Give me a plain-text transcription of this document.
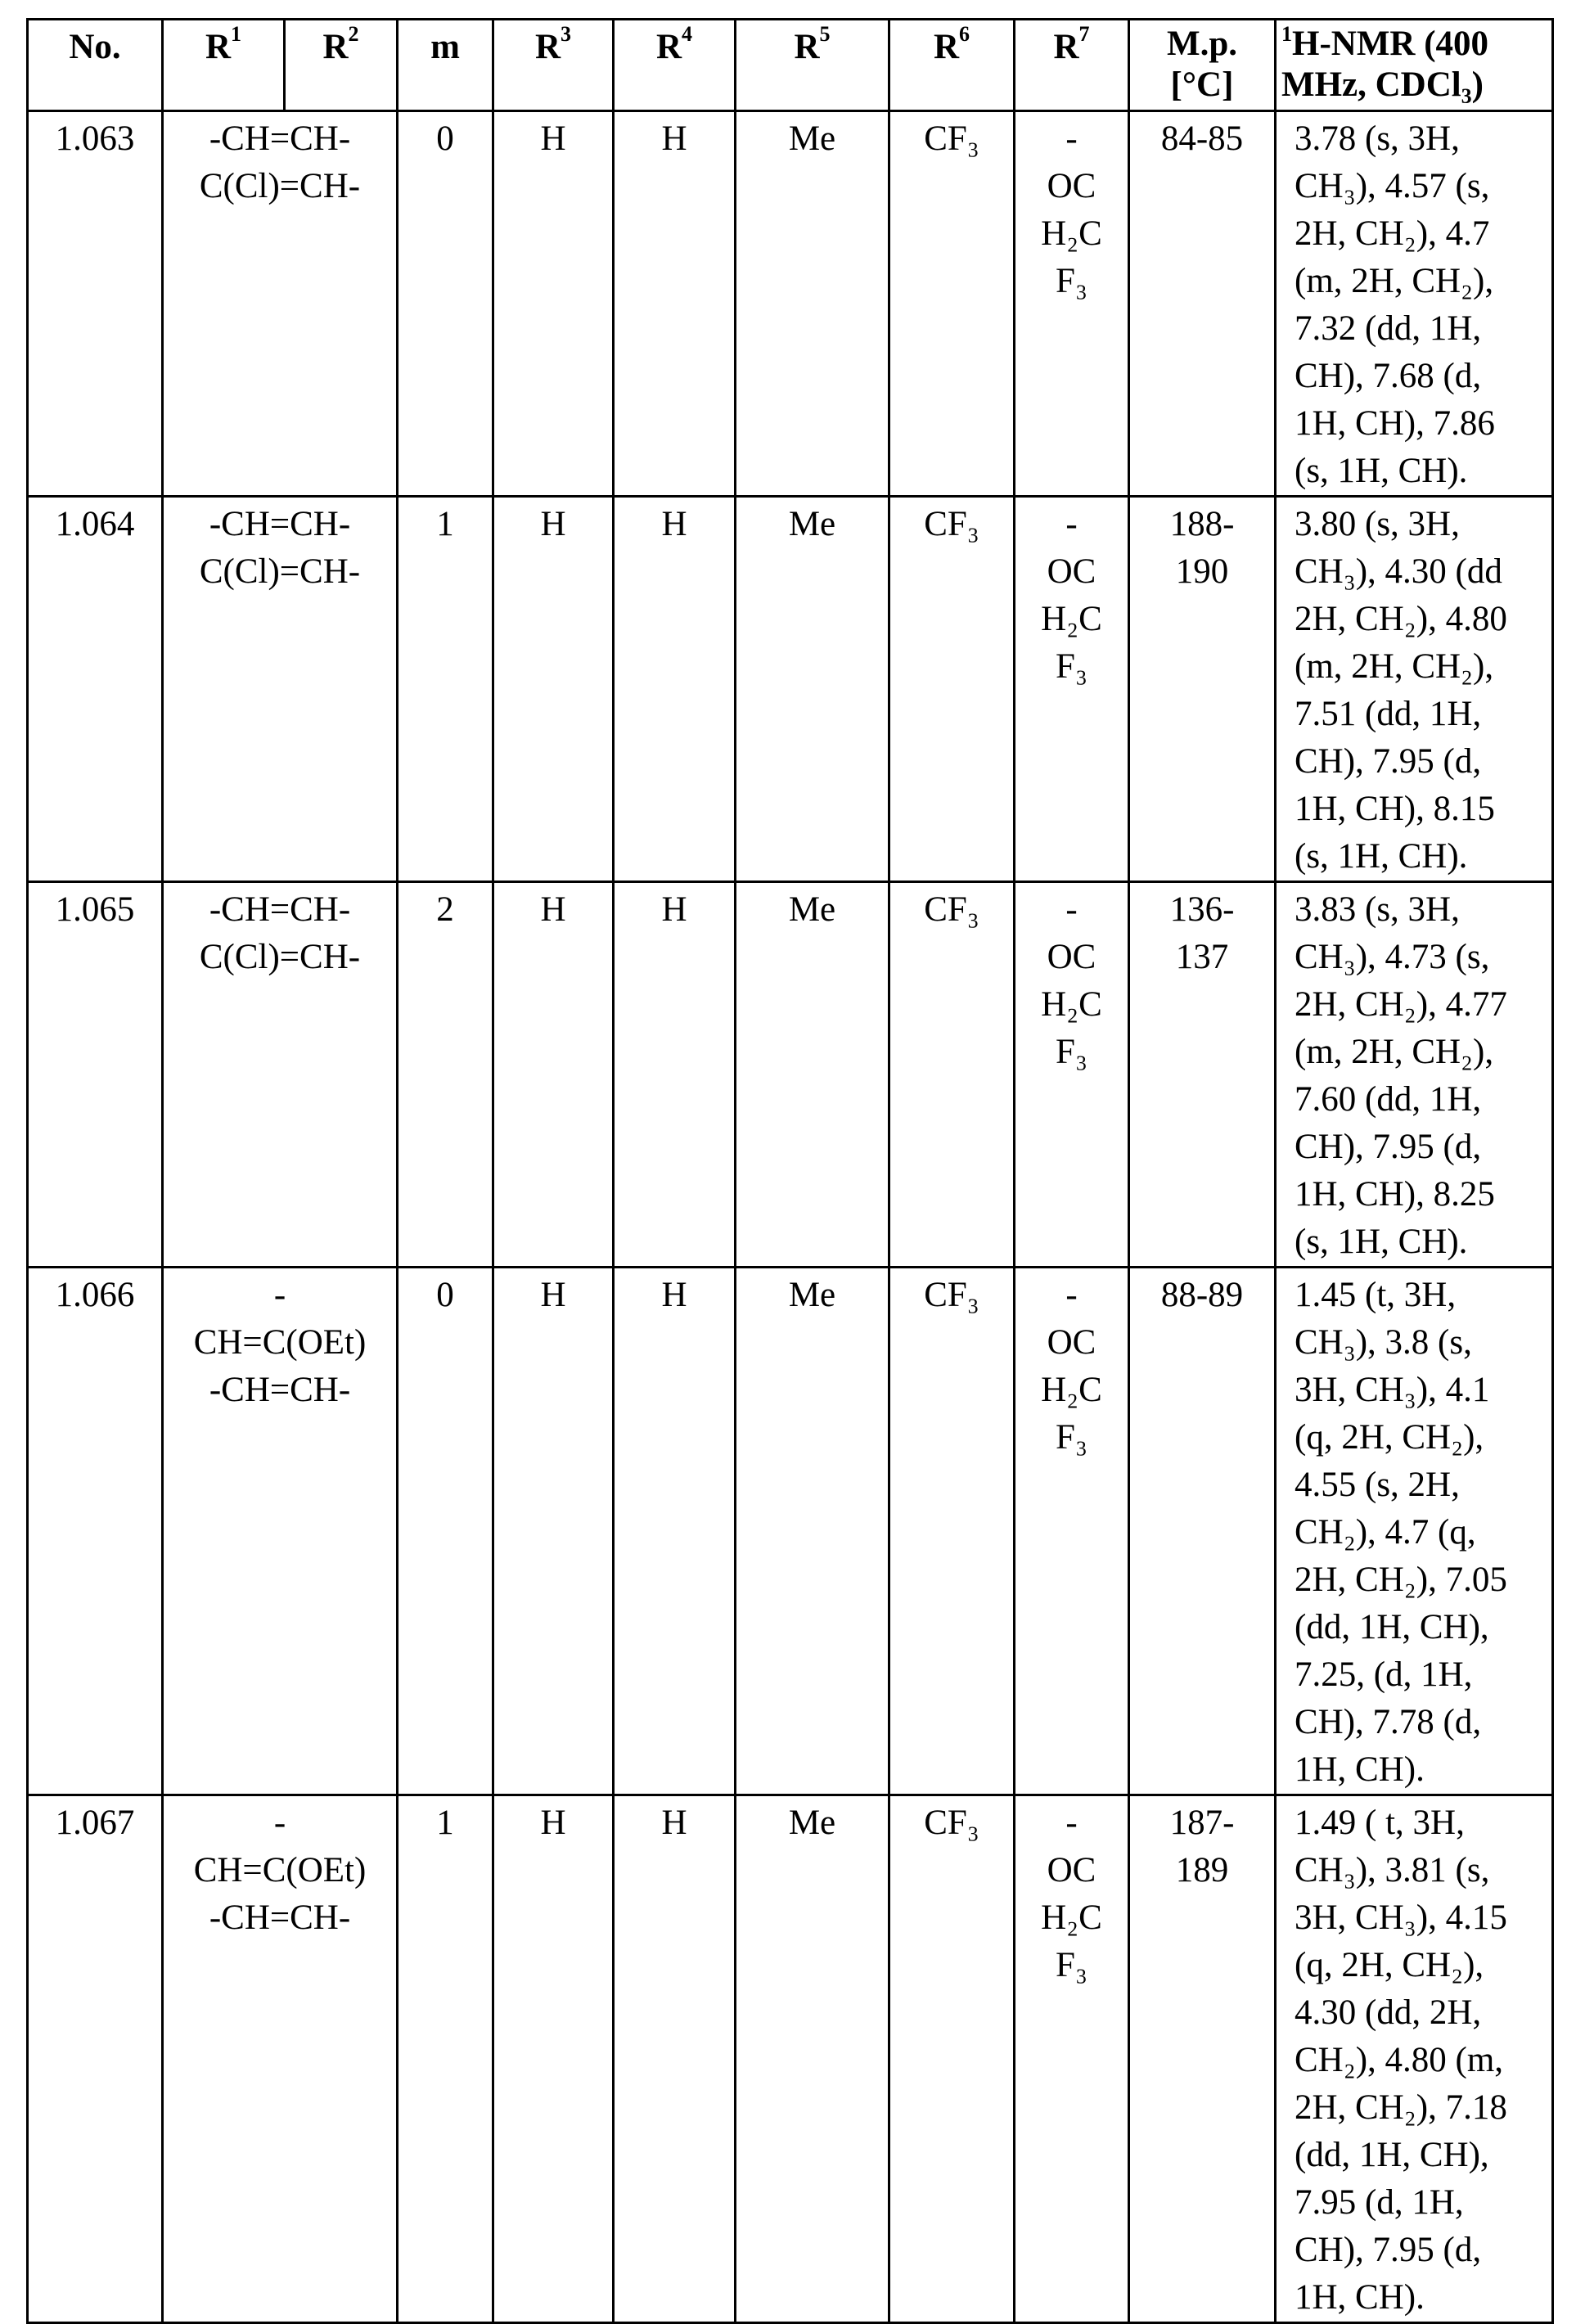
No.	R1	R2	m	R3	R4	R5	R6	R7	M.p.
[°C]

1H-NMR (400
MHz, CDCl₃)

1.063	-CH=CH-
C(Cl)=CH-
	0	H	H	Me	CF₃	-
OC
H₂C
F₃

84-85	3.78 (s, 3H,
CH₃), 4.57 (s,
2H, CH₂), 4.7
(m, 2H, CH₂),
7.32 (dd, 1H,
CH), 7.68 (d,
1H, CH), 7.86
(s, 1H, CH).

1.064	-CH=CH-
C(Cl)=CH-
	1	H	H	Me	CF₃	-
OC
H₂C
F₃

188-
190

3.80 (s, 3H,
CH₃), 4.30 (dd
2H, CH₂), 4.80
(m, 2H, CH₂),
7.51 (dd, 1H,
CH), 7.95 (d,
1H, CH), 8.15
(s, 1H, CH).

1.065	-CH=CH-
C(Cl)=CH-
	2	H	H	Me	CF₃	-
OC
H₂C
F₃

136-
137

3.83 (s, 3H,
CH₃), 4.73 (s,
2H, CH₂), 4.77
(m, 2H, CH₂),
7.60 (dd, 1H,
CH), 7.95 (d,
1H, CH), 8.25
(s, 1H, CH).

1.066	-
CH=C(OEt)
-CH=CH-
	0	H	H	Me	CF₃	-
OC
H₂C
F₃

88-89	1.45 (t, 3H,
CH₃), 3.8 (s,
3H, CH₃), 4.1
(q, 2H, CH₂),
4.55 (s, 2H,
CH₂), 4.7 (q,
2H, CH₂), 7.05
(dd, 1H, CH),
7.25, (d, 1H,
CH), 7.78 (d,
1H, CH).

1.067	-
CH=C(OEt)
-CH=CH-
	1	H	H	Me	CF₃	-
OC
H₂C
F₃

187-
189

1.49 ( t, 3H,
CH₃), 3.81 (s,
3H, CH₃), 4.15
(q, 2H, CH₂),
4.30 (dd, 2H,
CH₂), 4.80 (m,
2H, CH₂), 7.18
(dd, 1H, CH),
7.95 (d, 1H,
CH), 7.95 (d,
1H, CH).
